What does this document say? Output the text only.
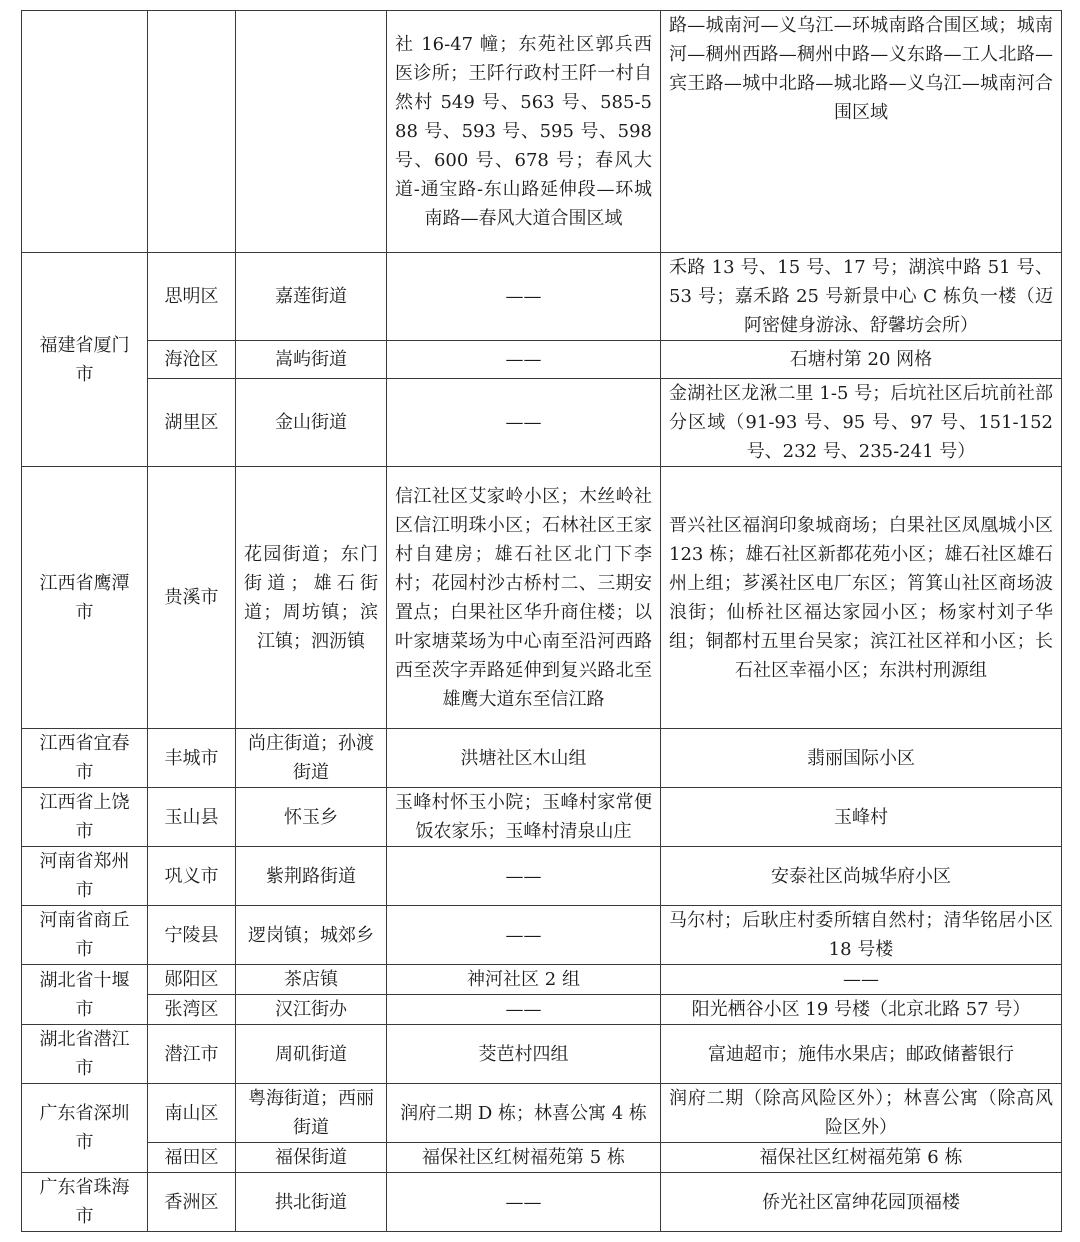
			社 16-47 幢；东苑社区郭兵西医诊所；王阡行政村王阡一村自然村 549 号、563 号、585-588 号、593 号、595 号、598 号、600 号、678 号；春风大道-通宝路-东山路延伸段—环城南路—春风大道合围区域	路—城南河—义乌江—环城南路合围区域；城南河—稠州西路—稠州中路—义东路—工人北路—宾王路—城中北路—城北路—义乌江—城南河合围区域
福建省厦门市	思明区	嘉莲街道	——	禾路 13 号、15 号、17 号；湖滨中路 51 号、53 号；嘉禾路 25 号新景中心 C 栋负一楼（迈阿密健身游泳、舒馨坊会所）
	海沧区	嵩屿街道	——	石塘村第 20 网格
	湖里区	金山街道	——	金湖社区龙湫二里 1-5 号；后坑社区后坑前社部分区域（91-93 号、95 号、97 号、151-152 号、232 号、235-241 号）
江西省鹰潭市	贵溪市	花园街道；东门街道；雄石街道；周坊镇；滨江镇；泗沥镇	信江社区艾家岭小区；木丝岭社区信江明珠小区；石林社区王家村自建房；雄石社区北门下李村；花园村沙古桥村二、三期安置点；白果社区华升商住楼；以叶家塘菜场为中心南至沿河西路西至茨字弄路延伸到复兴路北至雄鹰大道东至信江路	晋兴社区福润印象城商场；白果社区凤凰城小区 123 栋；雄石社区新都花苑小区；雄石社区雄石州上组；芗溪社区电厂东区；筲箕山社区商场波浪街；仙桥社区福达家园小区；杨家村刘子华组；铜都村五里台吴家；滨江社区祥和小区；长石社区幸福小区；东洪村刑源组
江西省宜春市	丰城市	尚庄街道；孙渡街道	洪塘社区木山组	翡丽国际小区
江西省上饶市	玉山县	怀玉乡	玉峰村怀玉小院；玉峰村家常便饭农家乐；玉峰村清泉山庄	玉峰村
河南省郑州市	巩义市	紫荆路街道	——	安泰社区尚城华府小区
河南省商丘市	宁陵县	逻岗镇；城郊乡	——	马尔村；后耿庄村委所辖自然村；清华铭居小区 18 号楼
湖北省十堰市	郧阳区	茶店镇	神河社区 2 组	——
	张湾区	汉江街办	——	阳光栖谷小区 19 号楼（北京北路 57 号）
湖北省潜江市	潜江市	周矶街道	茭芭村四组	富迪超市；施伟水果店；邮政储蓄银行
广东省深圳市	南山区	粤海街道；西丽街道	润府二期 D 栋；林喜公寓 4 栋	润府二期（除高风险区外）；林喜公寓（除高风险区外）
	福田区	福保街道	福保社区红树福苑第 5 栋	福保社区红树福苑第 6 栋
广东省珠海市	香洲区	拱北街道	——	侨光社区富绅花园顶福楼
